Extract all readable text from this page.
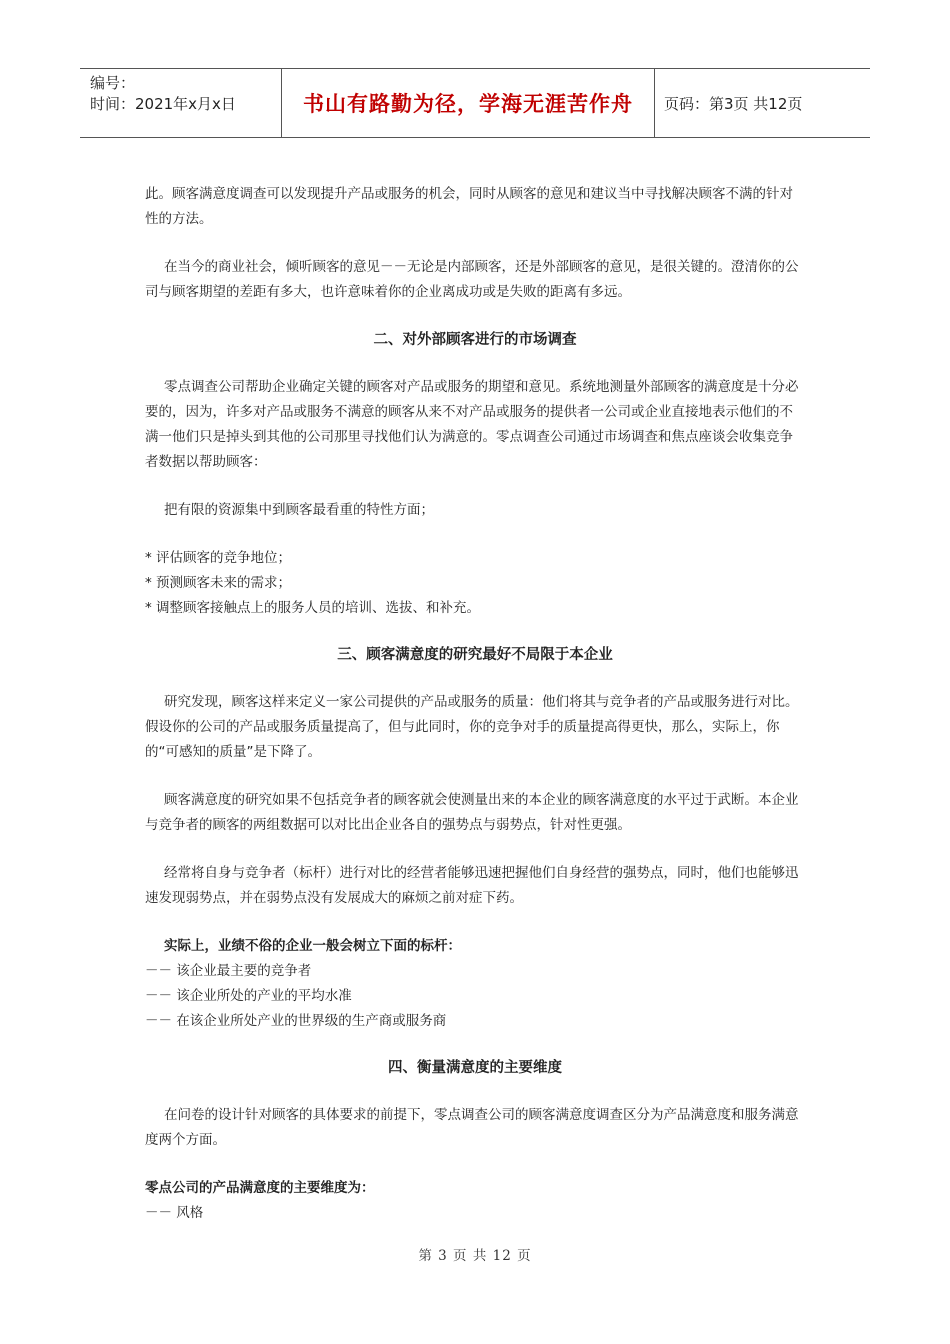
编号：
时间：2021年x月x日	书山有路勤为径，学海无涯苦作舟 页码：第3页 共12页

此。顾客满意度调查可以发现提升产品或服务的机会，同时从顾客的意见和建议当中寻找解决顾客不满的针对性的方法。

在当今的商业社会，倾听顾客的意见－－无论是内部顾客，还是外部顾客的意见，是很关键的。澄清你的公司与顾客期望的差距有多大，也许意味着你的企业离成功或是失败的距离有多远。

二、对外部顾客进行的市场调查

零点调查公司帮助企业确定关键的顾客对产品或服务的期望和意见。系统地测量外部顾客的满意度是十分必要的，因为，许多对产品或服务不满意的顾客从来不对产品或服务的提供者一公司或企业直接地表示他们的不满一他们只是掉头到其他的公司那里寻找他们认为满意的。零点调查公司通过市场调查和焦点座谈会收集竞争者数据以帮助顾客：

把有限的资源集中到顾客最看重的特性方面；

* 评估顾客的竞争地位；
* 预测顾客未来的需求；
* 调整顾客接触点上的服务人员的培训、选拔、和补充。
三、顾客满意度的研究最好不局限于本企业

研究发现，顾客这样来定义一家公司提供的产品或服务的质量：他们将其与竞争者的产品或服务进行对比。假设你的公司的产品或服务质量提高了，但与此同时，你的竞争对手的质量提高得更快，那么，实际上，你的“可感知的质量”是下降了。

顾客满意度的研究如果不包括竞争者的顾客就会使测量出来的本企业的顾客满意度的水平过于武断。本企业与竞争者的顾客的两组数据可以对比出企业各自的强势点与弱势点，针对性更强。

经常将自身与竞争者（标杆）进行对比的经营者能够迅速把握他们自身经营的强势点，同时，他们也能够迅速发现弱势点，并在弱势点没有发展成大的麻烦之前对症下药。

实际上，业绩不俗的企业一般会树立下面的标杆：
－－ 该企业最主要的竞争者
－－ 该企业所处的产业的平均水准
－－ 在该企业所处产业的世界级的生产商或服务商
四、衡量满意度的主要维度

在问卷的设计针对顾客的具体要求的前提下，零点调查公司的顾客满意度调查区分为产品满意度和服务满意度两个方面。

零点公司的产品满意度的主要维度为：
－－ 风格
第 3 页 共 12 页
